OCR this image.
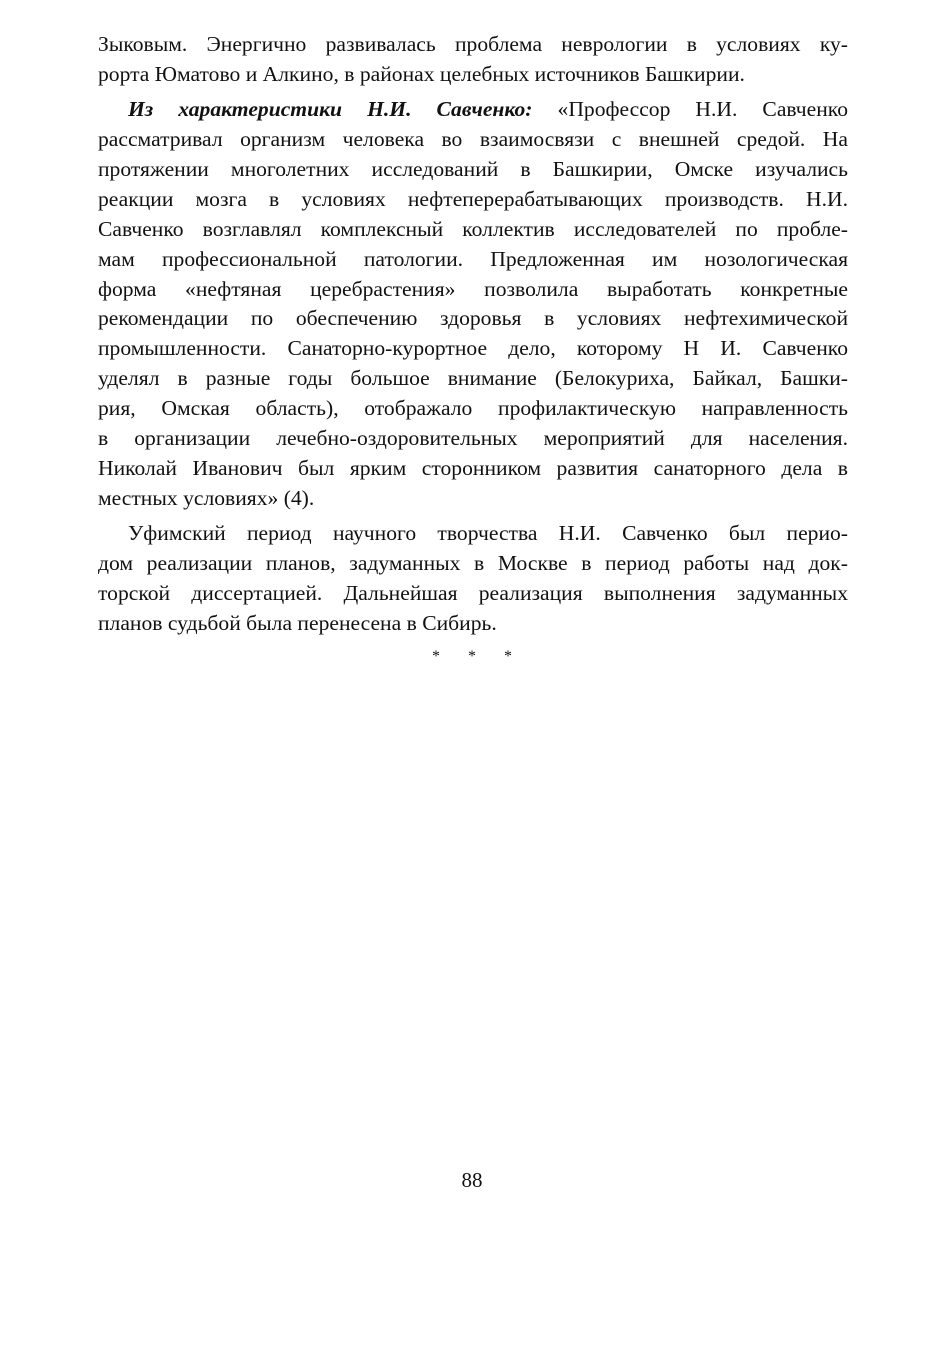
Зыковым. Энергично развивалась проблема неврологии в условиях ку-
рорта Юматово и Алкино, в районах целебных источников Башкирии.
Из характеристики Н.И. Савченко: «Профессор Н.И. Савченко
рассматривал организм человека во взаимосвязи с внешней средой. На
протяжении многолетних исследований в Башкирии, Омске изучались
реакции мозга в условиях нефтеперерабатывающих производств. Н.И.
Савченко возглавлял комплексный коллектив исследователей по пробле-
мам профессиональной патологии. Предложенная им нозологическая
форма «нефтяная церебрастения» позволила выработать конкретные
рекомендации по обеспечению здоровья в условиях нефтехимической
промышленности. Санаторно-курортное дело, которому Н И. Савченко
уделял в разные годы большое внимание (Белокуриха, Байкал, Башки-
рия, Омская область), отображало профилактическую направленность
в организации лечебно-оздоровительных мероприятий для населения.
Николай Иванович был ярким сторонником развития санаторного дела в
местных условиях» (4).
Уфимский период научного творчества Н.И. Савченко был перио-
дом реализации планов, задуманных в Москве в период работы над док-
торской диссертацией. Дальнейшая реализация выполнения задуманных
планов судьбой была перенесена в Сибирь.
* * *
88
